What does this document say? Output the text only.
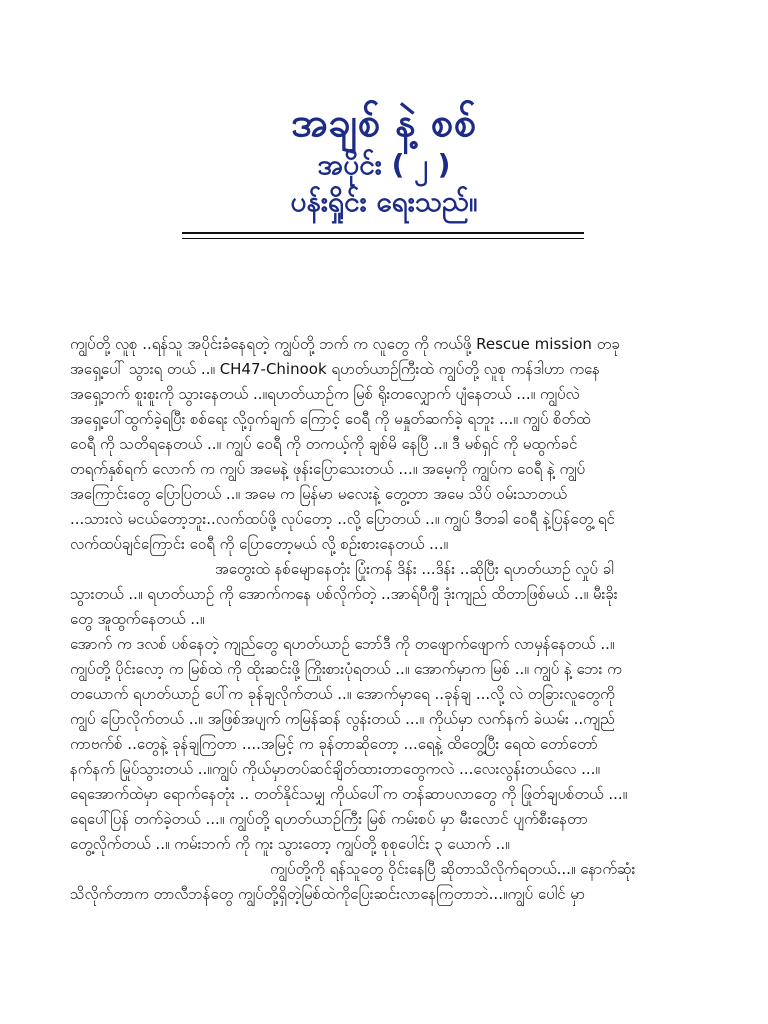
အချစ် နဲ့ စစ်
အပိုင်း ( ၂ )
ပန်းရှိုင်း ရေးသည်။
ကျွပ်တို့ လူစု ..ရန်သူ အပိုင်းခံနေရတဲ့ ကျွပ်တို့ ဘက် က လူတွေ ကို ကယ်ဖို့ Rescue mission တခု
အရှေ့ပေါ် သွားရ တယ် ..။ CH47-Chinook ရဟတ်ယာဉ်ကြီးထဲ ကျွပ်တို့ လူစု ကန်ဒါဟာ ကနေ
အရှေ့ဘက် စူးစူးကို သွားနေတယ် ..။ရဟတ်ယာဉ်က မြစ် ရိုးတလျှောက် ပျံနေတယ် ...။ ကျွပ်လဲ
အရှေ့ပေါ်ထွက်ခဲ့ရပြီး စစ်ရေး လို့ဝှက်ချက် ကြောင့် ဝေရီ ကို မနှုတ်ဆက်ခဲ့ ရဘူး ...။ ကျွပ် စိတ်ထဲ
ဝေရီ ကို သတိရနေတယ် ..။ ကျွပ် ဝေရီ ကို တကယ့်ကို ချစ်မိ နေပြီ ..။ ဒီ မစ်ရှင် ကို မထွက်ခင်
တရက်နှစ်ရက် လောက် က ကျွပ် အမေနဲ့ ဖုန်းပြောသေးတယ် ...။ အမေ့ကို ကျွပ်က ဝေရီ နဲ့ ကျွပ်
အကြောင်းတွေ ပြောပြတယ် ..။ အမေ က မြန်မာ မလေးနဲ့ တွေ့တာ အမေ သိပ် ဝမ်းသာတယ်
...သားလဲ မငယ်တော့ဘူး..လက်ထပ်ဖို့ လုပ်တော့ ..လို့ ပြောတယ် ..။ ကျွပ် ဒီတခါ ဝေရီ နဲ့ပြန်တွေ့ ရင်
လက်ထပ်ချင်ကြောင်း ဝေရီ ကို ပြောတော့မယ် လို့ စဉ်းစားနေတယ် ...။
အတွေးထဲ နစ်မျောနေတုံး ပြုံးကန် ဒိန်း ...ဒိန်း ..ဆိုပြီး ရဟတ်ယာဉ် လှုပ် ခါ
သွားတယ် ..။ ရဟတ်ယာဉ် ကို အောက်ကနေ ပစ်လိုက်တဲ့ ..အာရ်ပီဂျီ ဒုံးကျည် ထိတာဖြစ်မယ် ..။ မီးခိုး
တွေ အူထွက်နေတယ် ..။
အောက် က ဒလစ် ပစ်နေတဲ့ ကျည်တွေ ရဟတ်ယာဉ် ဘော်ဒီ ကို တဖျောက်ဖျောက် လာမှန်နေတယ် ..။
ကျွပ်တို့ ပိုင်းလော့ က မြစ်ထဲ ကို ထိုးဆင်းဖို့ ကြိုးစားပုံရတယ် ..။ အောက်မှာက မြစ် ..။ ကျွပ် နဲ့ ဘေး က
တယောက် ရဟတ်ယာဉ် ပေါ်က ခုန်ချလိုက်တယ် ..။ အောက်မှာရေ ..ခုန်ချ ...လို့ လဲ တခြားလူတွေကို
ကျွပ် ပြောလိုက်တယ် ..။ အဖြစ်အပျက် ကမြန်ဆန် လွန်းတယ် ...။ ကိုယ်မှာ လက်နက် ခဲယမ်း ..ကျည်
ကာဗက်စ် ..တွေနဲ့ ခုန်ချကြတာ ....အမြင့် က ခုန်တာဆိုတော့ ...ရေနဲ့ ထိတွေ့ပြီး ရေထဲ တော်တော်
နက်နက် မြုပ်သွားတယ် ..။ကျွပ် ကိုယ်မှာတပ်ဆင်ချိတ်ထားတာတွေကလဲ ...လေးလွန်းတယ်လေ ...။
ရေအောက်ထဲမှာ ရောက်နေတုံး .. တတ်နိုင်သမျှ ကိုယ်ပေါ်က တန်ဆာပလာတွေ ကို ဖြုတ်ချပစ်တယ် ...။
ရေပေါ်ပြန် တက်ခဲ့တယ် ...။ ကျွပ်တို့ ရဟတ်ယာဉ်ကြီး မြစ် ကမ်းစပ် မှာ မီးလောင် ပျက်စီးနေတာ
တွေ့လိုက်တယ် ..။ ကမ်းဘက် ကို ကူး သွားတော့ ကျွပ်တို့ စုစုပေါင်း ၃ ယောက် ..။
ကျွပ်တို့ကို ရန်သူတွေ ဝိုင်းနေပြီ ဆိုတာသိလိုက်ရတယ်...။ နောက်ဆုံး
သိလိုက်တာက တာလီဘန်တွေ ကျွပ်တို့ရှိတဲ့မြစ်ထဲကိုပြေးဆင်းလာနေကြတာဘဲ...။ကျွပ် ပေါင် မှာ
